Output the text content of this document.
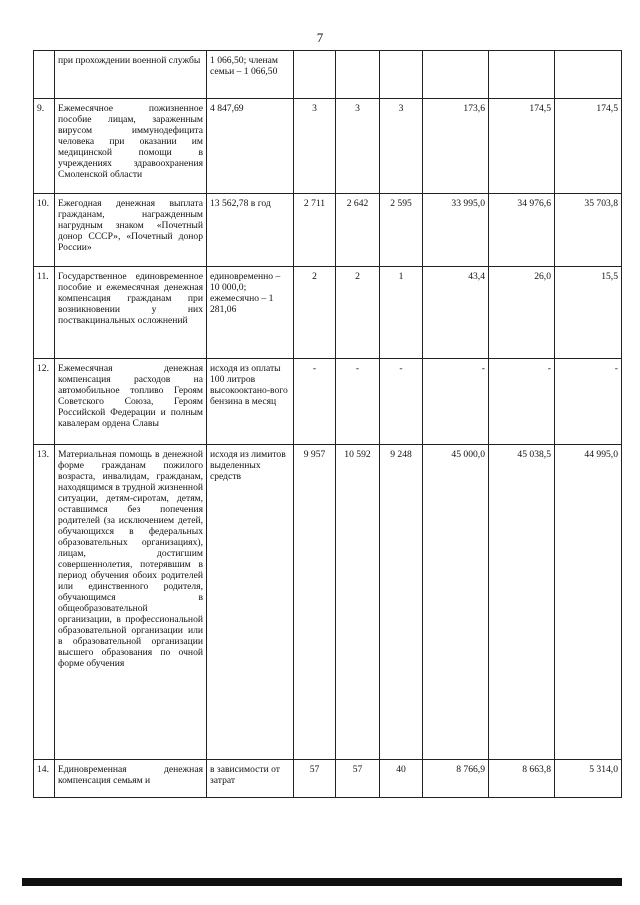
7
	при прохождении военной службы	1 066,50; членам семьи – 1 066,50						
9.	Ежемесячное пожизненное пособие лицам, зараженным вирусом иммунодефицита человека при оказании им медицинской помощи в учреждениях здравоохранения Смоленской области	4 847,69	3	3	3	173,6	174,5	174,5
10.	Ежегодная денежная выплата гражданам, награжденным нагрудным знаком «Почетный донор СССР», «Почетный донор России»	13 562,78 в год	2 711	2 642	2 595	33 995,0	34 976,6	35 703,8
11.	Государственное единовременное пособие и ежемесячная денежная компенсация гражданам при возникновении у них поствакцинальных осложнений	единовременно – 10 000,0; ежемесячно – 1 281,06	2	2	1	43,4	26,0	15,5
12.	Ежемесячная денежная компенсация расходов на автомобильное топливо Героям Советского Союза, Героям Российской Федерации и полным кавалерам ордена Славы	исходя из оплаты 100 литров высокооктано-вого бензина в месяц	-	-	-	-	-	-
13.	Материальная помощь в денежной форме гражданам пожилого возраста, инвалидам, гражданам, находящимся в трудной жизненной ситуации, детям-сиротам, детям, оставшимся без попечения родителей (за исключением детей, обучающихся в федеральных образовательных организациях), лицам, достигшим совершеннолетия, потерявшим в период обучения обоих родителей или единственного родителя, обучающимся в общеобразовательной организации, в профессиональной образовательной организации или в образовательной организации высшего образования по очной форме обучения	исходя из лимитов выделенных средств	9 957	10 592	9 248	45 000,0	45 038,5	44 995,0
14.	Единовременная денежная компенсация семьям и	в зависимости от затрат	57	57	40	8 766,9	8 663,8	5 314,0
